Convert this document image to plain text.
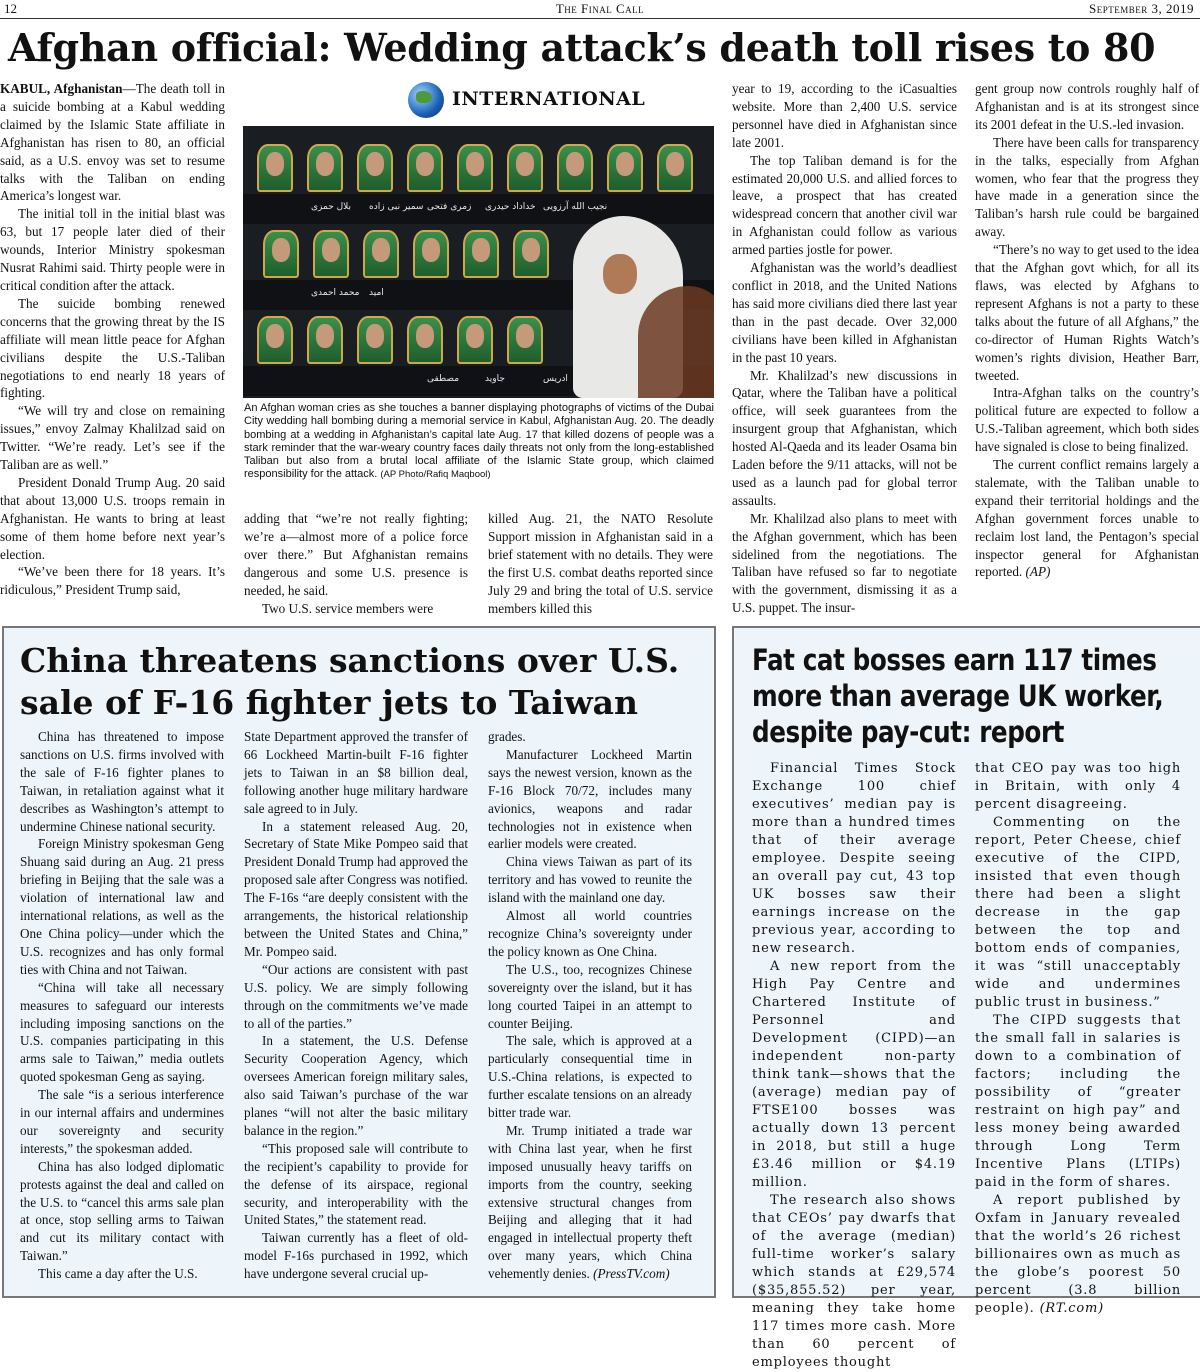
12	The Final Call	September 3, 2019
Afghan official: Wedding attack’s death toll rises to 80

KABUL, Afghanistan—The death toll in a suicide bombing at a Kabul wedding claimed by the Islamic State affiliate in Afghanistan has risen to 80, an official said, as a U.S. envoy was set to resume talks with the Taliban on ending America’s longest war.

The initial toll in the initial blast was 63, but 17 people later died of their wounds, Interior Ministry spokesman Nusrat Rahimi said. Thirty people were in critical condition after the attack.

The suicide bombing renewed concerns that the growing threat by the IS affiliate will mean little peace for Afghan civilians despite the U.S.-Taliban negotiations to end nearly 18 years of fighting.

“We will try and close on remaining issues,” envoy Zalmay Khalilzad said on Twitter. “We’re ready. Let’s see if the Taliban are as well.”

President Donald Trump Aug. 20 said that about 13,000 U.S. troops remain in Afghanistan. He wants to bring at least some of them home before next year’s election.

“We’ve been there for 18 years. It’s ridiculous,” President Trump said,

INTERNATIONAL
نجیب الله آرزویی
خداداد حیدری
زمری فتحی
سمیر نبی زاده
بلال حمزی
ادریس
جاوید
مصطفی
امید
محمد احمدی
An Afghan woman cries as she touches a banner displaying photographs of victims of the Dubai City wedding hall bombing during a memorial service in Kabul, Afghanistan Aug. 20. The deadly bombing at a wedding in Afghanistan’s capital late Aug. 17 that killed dozens of people was a stark reminder that the war-weary country faces daily threats not only from the long-established Taliban but also from a brutal local affiliate of the Islamic State group, which claimed responsibility for the attack. (AP Photo/Rafiq Maqbool)

adding that “we’re not really fighting; we’re a—almost more of a police force over there.” But Afghanistan remains dangerous and some U.S. presence is needed, he said.

Two U.S. service members were

killed Aug. 21, the NATO Resolute Support mission in Afghanistan said in a brief statement with no details. They were the first U.S. combat deaths reported since July 29 and bring the total of U.S. service members killed this

year to 19, according to the iCasualties website. More than 2,400 U.S. service personnel have died in Afghanistan since late 2001.

The top Taliban demand is for the estimated 20,000 U.S. and allied forces to leave, a prospect that has created widespread concern that another civil war in Afghanistan could follow as various armed parties jostle for power.

Afghanistan was the world’s deadliest conflict in 2018, and the United Nations has said more civilians died there last year than in the past decade. Over 32,000 civilians have been killed in Afghanistan in the past 10 years.

Mr. Khalilzad’s new discussions in Qatar, where the Taliban have a political office, will seek guarantees from the insurgent group that Afghanistan, which hosted Al-Qaeda and its leader Osama bin Laden before the 9/11 attacks, will not be used as a launch pad for global terror assaults.

Mr. Khalilzad also plans to meet with the Afghan government, which has been sidelined from the negotiations. The Taliban have refused so far to negotiate with the government, dismissing it as a U.S. puppet. The insur-

gent group now controls roughly half of Afghanistan and is at its strongest since its 2001 defeat in the U.S.-led invasion.

There have been calls for transparency in the talks, especially from Afghan women, who fear that the progress they have made in a generation since the Taliban’s harsh rule could be bargained away.

“There’s no way to get used to the idea that the Afghan govt which, for all its flaws, was elected by Afghans to represent Afghans is not a party to these talks about the future of all Afghans,” the co-director of Human Rights Watch’s women’s rights division, Heather Barr, tweeted.

Intra-Afghan talks on the country’s political future are expected to follow a U.S.-Taliban agreement, which both sides have signaled is close to being finalized.

The current conflict remains largely a stalemate, with the Taliban unable to expand their territorial holdings and the Afghan government forces unable to reclaim lost land, the Pentagon’s special inspector general for Afghanistan reported. (AP)

China threatens sanctions over U.S.
sale of F-16 fighter jets to Taiwan

China has threatened to impose sanctions on U.S. firms involved with the sale of F-16 fighter planes to Taiwan, in retaliation against what it describes as Washington’s attempt to undermine Chinese national security.

Foreign Ministry spokesman Geng Shuang said during an Aug. 21 press briefing in Beijing that the sale was a violation of international law and international relations, as well as the One China policy—under which the U.S. recognizes and has only formal ties with China and not Taiwan.

“China will take all necessary measures to safeguard our interests including imposing sanctions on the U.S. companies participating in this arms sale to Taiwan,” media outlets quoted spokesman Geng as saying.

The sale “is a serious interference in our internal affairs and undermines our sovereignty and security interests,” the spokesman added.

China has also lodged diplomatic protests against the deal and called on the U.S. to “cancel this arms sale plan at once, stop selling arms to Taiwan and cut its military contact with Taiwan.”

This came a day after the U.S.

State Department approved the transfer of 66 Lockheed Martin-built F-16 fighter jets to Taiwan in an $8 billion deal, following another huge military hardware sale agreed to in July.

In a statement released Aug. 20, Secretary of State Mike Pompeo said that President Donald Trump had approved the proposed sale after Congress was notified. The F-16s “are deeply consistent with the arrangements, the historical relationship between the United States and China,” Mr. Pompeo said.

“Our actions are consistent with past U.S. policy. We are simply following through on the commitments we’ve made to all of the parties.”

In a statement, the U.S. Defense Security Cooperation Agency, which oversees American foreign military sales, also said Taiwan’s purchase of the war planes “will not alter the basic military balance in the region.”

“This proposed sale will contribute to the recipient’s capability to provide for the defense of its airspace, regional security, and interoperability with the United States,” the statement read.

Taiwan currently has a fleet of old-model F-16s purchased in 1992, which have undergone several crucial up-

grades.

Manufacturer Lockheed Martin says the newest version, known as the F-16 Block 70/72, includes many avionics, weapons and radar technologies not in existence when earlier models were created.

China views Taiwan as part of its territory and has vowed to reunite the island with the mainland one day.

Almost all world countries recognize China’s sovereignty under the policy known as One China.

The U.S., too, recognizes Chinese sovereignty over the island, but it has long courted Taipei in an attempt to counter Beijing.

The sale, which is approved at a particularly consequential time in U.S.-China relations, is expected to further escalate tensions on an already bitter trade war.

Mr. Trump initiated a trade war with China last year, when he first imposed unusually heavy tariffs on imports from the country, seeking extensive structural changes from Beijing and alleging that it had engaged in intellectual property theft over many years, which China vehemently denies. (PressTV.com)

Fat cat bosses earn 117 times
more than average UK worker,
despite pay-cut: report

Financial Times Stock Exchange 100 chief executives’ median pay is more than a hundred times that of their average employee. Despite seeing an overall pay cut, 43 top UK bosses saw their earnings increase on the previous year, according to new research.

A new report from the High Pay Centre and Chartered Institute of Personnel and Development (CIPD)—an independent non-party think tank—shows that the (average) median pay of FTSE100 bosses was actually down 13 percent in 2018, but still a huge £3.46 million or $4.19 million.

The research also shows that CEOs’ pay dwarfs that of the average (median) full-time worker’s salary which stands at £29,574 ($35,855.52) per year, meaning they take home 117 times more cash. More than 60 percent of employees thought

that CEO pay was too high in Britain, with only 4 percent disagreeing.

Commenting on the report, Peter Cheese, chief executive of the CIPD, insisted that even though there had been a slight decrease in the gap between the top and bottom ends of companies, it was “still unacceptably wide and undermines public trust in business.”

The CIPD suggests that the small fall in salaries is down to a combination of factors; including the possibility of “greater restraint on high pay” and less money being awarded through Long Term Incentive Plans (LTIPs) paid in the form of shares.

A report published by Oxfam in January revealed that the world’s 26 richest billionaires own as much as the globe’s poorest 50 percent (3.8 billion people). (RT.com)
